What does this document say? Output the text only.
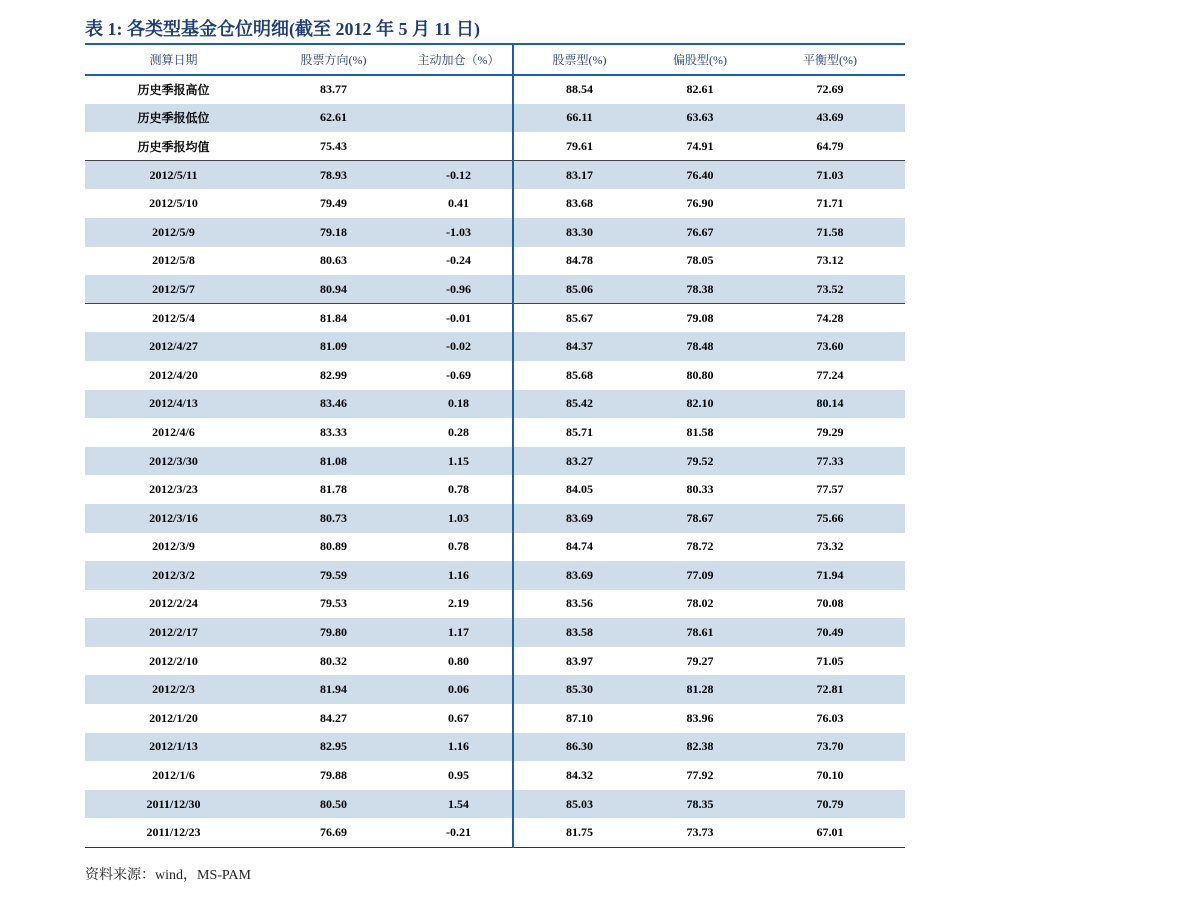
表 1: 各类型基金仓位明细(截至 2012 年 5 月 11 日)
测算日期	股票方向(%)	主动加仓（%）	股票型(%)	偏股型(%)	平衡型(%)
历史季报高位	83.77		88.54	82.61	72.69
历史季报低位	62.61		66.11	63.63	43.69
历史季报均值	75.43		79.61	74.91	64.79
2012/5/11	78.93	-0.12	83.17	76.40	71.03
2012/5/10	79.49	0.41	83.68	76.90	71.71
2012/5/9	79.18	-1.03	83.30	76.67	71.58
2012/5/8	80.63	-0.24	84.78	78.05	73.12
2012/5/7	80.94	-0.96	85.06	78.38	73.52
2012/5/4	81.84	-0.01	85.67	79.08	74.28
2012/4/27	81.09	-0.02	84.37	78.48	73.60
2012/4/20	82.99	-0.69	85.68	80.80	77.24
2012/4/13	83.46	0.18	85.42	82.10	80.14
2012/4/6	83.33	0.28	85.71	81.58	79.29
2012/3/30	81.08	1.15	83.27	79.52	77.33
2012/3/23	81.78	0.78	84.05	80.33	77.57
2012/3/16	80.73	1.03	83.69	78.67	75.66
2012/3/9	80.89	0.78	84.74	78.72	73.32
2012/3/2	79.59	1.16	83.69	77.09	71.94
2012/2/24	79.53	2.19	83.56	78.02	70.08
2012/2/17	79.80	1.17	83.58	78.61	70.49
2012/2/10	80.32	0.80	83.97	79.27	71.05
2012/2/3	81.94	0.06	85.30	81.28	72.81
2012/1/20	84.27	0.67	87.10	83.96	76.03
2012/1/13	82.95	1.16	86.30	82.38	73.70
2012/1/6	79.88	0.95	84.32	77.92	70.10
2011/12/30	80.50	1.54	85.03	78.35	70.79
2011/12/23	76.69	-0.21	81.75	73.73	67.01
资料来源：wind，MS-PAM
